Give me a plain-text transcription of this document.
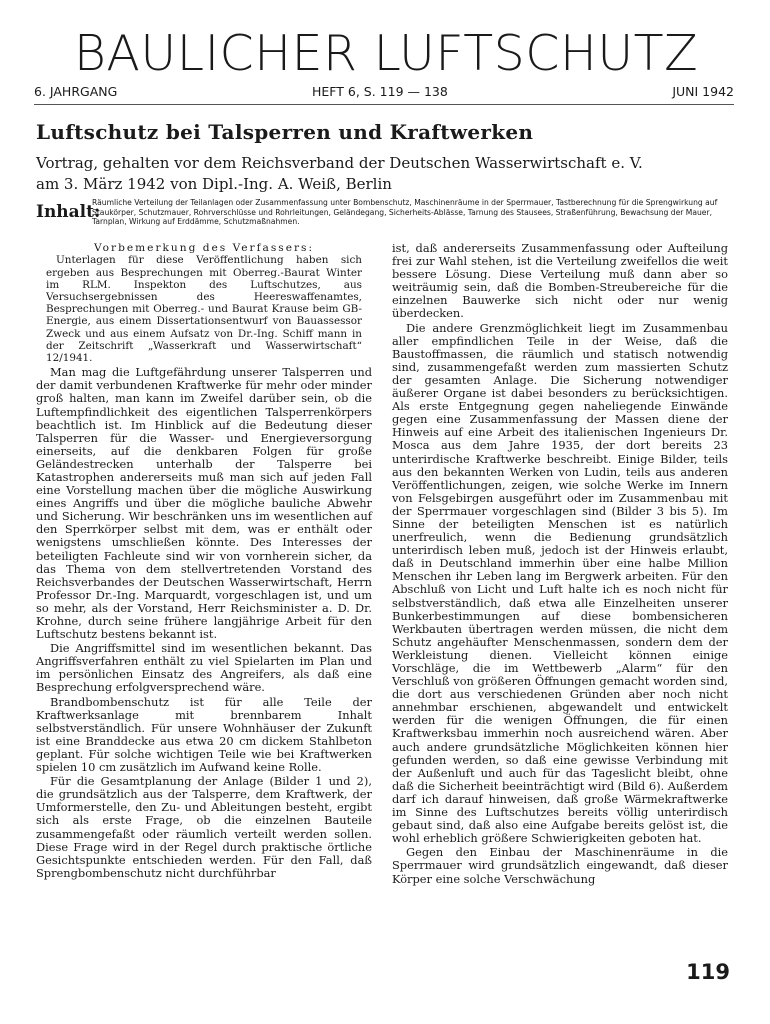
BAULICHER LUFTSCHUTZ
6. JAHRGANG	HEFT 6, S. 119 — 138	JUNI 1942
Luftschutz bei Talsperren und Kraftwerken
Vortrag, gehalten vor dem Reichsverband der Deutschen Wasserwirtschaft e. V.
am 3. März 1942 von Dipl.-Ing. A. Weiß, Berlin
Inhalt:
Räumliche Verteilung der Teilanlagen oder Zusammenfassung unter Bombenschutz, Maschinenräume in der Sperrmauer, Tastberechnung für die Sprengwirkung auf Staukörper, Schutzmauer, Rohrverschlüsse und Rohrleitungen, Geländegang, Sicherheits-Ablässe, Tarnung des Stausees, Straßenführung, Bewachsung der Mauer, Tarnplan, Wirkung auf Erddämme, Schutzmaßnahmen.

Vorbemerkung des Verfassers:

Unterlagen für diese Veröffentlichung haben sich ergeben aus Besprechungen mit Oberreg.-Baurat Winter im RLM. Inspekton des Luftschutzes, aus Versuchsergebnissen des Heereswaffenamtes, Besprechungen mit Oberreg.- und Baurat Krause beim GB-Energie, aus einem Dissertationsentwurf von Bauassessor Zweck und aus einem Aufsatz von Dr.-Ing. Schiff mann in der Zeitschrift „Wasserkraft und Wasserwirtschaft“ 12/1941.

Man mag die Luftgefährdung unserer Talsperren und der damit verbundenen Kraftwerke für mehr oder minder groß halten, man kann im Zweifel darüber sein, ob die Luftempfindlichkeit des eigentlichen Talsperrenkörpers beachtlich ist. Im Hinblick auf die Bedeutung dieser Talsperren für die Wasser- und Energieversorgung einerseits, auf die denkbaren Folgen für große Geländestrecken unterhalb der Talsperre bei Katastrophen andererseits muß man sich auf jeden Fall eine Vorstellung machen über die mögliche Auswirkung eines Angriffs und über die mögliche bauliche Abwehr und Sicherung. Wir beschränken uns im wesentlichen auf den Sperrkörper selbst mit dem, was er enthält oder wenigstens umschließen könnte. Des Interesses der beteiligten Fachleute sind wir von vornherein sicher, da das Thema von dem stellvertretenden Vorstand des Reichsverbandes der Deutschen Wasserwirtschaft, Herrn Professor Dr.-Ing. Marquardt, vorgeschlagen ist, und um so mehr, als der Vorstand, Herr Reichsminister a. D. Dr. Krohne, durch seine frühere langjährige Arbeit für den Luftschutz bestens bekannt ist.

Die Angriffsmittel sind im wesentlichen bekannt. Das Angriffsverfahren enthält zu viel Spielarten im Plan und im persönlichen Einsatz des Angreifers, als daß eine Besprechung erfolgversprechend wäre.

Brandbombenschutz ist für alle Teile der Kraftwerksanlage mit brennbarem Inhalt selbstverständlich. Für unsere Wohnhäuser der Zukunft ist eine Branddecke aus etwa 20 cm dickem Stahlbeton geplant. Für solche wichtigen Teile wie bei Kraftwerken spielen 10 cm zusätzlich im Aufwand keine Rolle.

Für die Gesamtplanung der Anlage (Bilder 1 und 2), die grundsätzlich aus der Talsperre, dem Kraftwerk, der Umformerstelle, den Zu- und Ableitungen besteht, ergibt sich als erste Frage, ob die einzelnen Bauteile zusammengefaßt oder räumlich verteilt werden sollen. Diese Frage wird in der Regel durch praktische örtliche Gesichtspunkte entschieden werden. Für den Fall, daß Sprengbombenschutz nicht durchführbar

ist, daß andererseits Zusammenfassung oder Aufteilung frei zur Wahl stehen, ist die Verteilung zweifellos die weit bessere Lösung. Diese Verteilung muß dann aber so weiträumig sein, daß die Bomben-Streubereiche für die einzelnen Bauwerke sich nicht oder nur wenig überdecken.

Die andere Grenzmöglichkeit liegt im Zusammenbau aller empfindlichen Teile in der Weise, daß die Baustoffmassen, die räumlich und statisch notwendig sind, zusammengefaßt werden zum massierten Schutz der gesamten Anlage. Die Sicherung notwendiger äußerer Organe ist dabei besonders zu berücksichtigen. Als erste Entgegnung gegen naheliegende Einwände gegen eine Zusammenfassung der Massen diene der Hinweis auf eine Arbeit des italienischen Ingenieurs Dr. Mosca aus dem Jahre 1935, der dort bereits 23 unterirdische Kraftwerke beschreibt. Einige Bilder, teils aus den bekannten Werken von Ludin, teils aus anderen Veröffentlichungen, zeigen, wie solche Werke im Innern von Felsgebirgen ausgeführt oder im Zusammenbau mit der Sperrmauer vorgeschlagen sind (Bilder 3 bis 5). Im Sinne der beteiligten Menschen ist es natürlich unerfreulich, wenn die Bedienung grundsätzlich unterirdisch leben muß, jedoch ist der Hinweis erlaubt, daß in Deutschland immerhin über eine halbe Million Menschen ihr Leben lang im Bergwerk arbeiten. Für den Abschluß von Licht und Luft halte ich es noch nicht für selbstverständlich, daß etwa alle Einzelheiten unserer Bunkerbestimmungen auf diese bombensicheren Werkbauten übertragen werden müssen, die nicht dem Schutz angehäufter Menschenmassen, sondern dem der Werkleistung dienen. Vielleicht können einige Vorschläge, die im Wettbewerb „Alarm“ für den Verschluß von größeren Öffnungen gemacht worden sind, die dort aus verschiedenen Gründen aber noch nicht annehmbar erschienen, abgewandelt und entwickelt werden für die wenigen Öffnungen, die für einen Kraftwerksbau immerhin noch ausreichend wären. Aber auch andere grundsätzliche Möglichkeiten können hier gefunden werden, so daß eine gewisse Verbindung mit der Außenluft und auch für das Tageslicht bleibt, ohne daß die Sicherheit beeinträchtigt wird (Bild 6). Außerdem darf ich darauf hinweisen, daß große Wärmekraftwerke im Sinne des Luftschutzes bereits völlig unterirdisch gebaut sind, daß also eine Aufgabe bereits gelöst ist, die wohl erheblich größere Schwierigkeiten geboten hat.

Gegen den Einbau der Maschinenräume in die Sperrmauer wird grundsätzlich eingewandt, daß dieser Körper eine solche Verschwächung

119
